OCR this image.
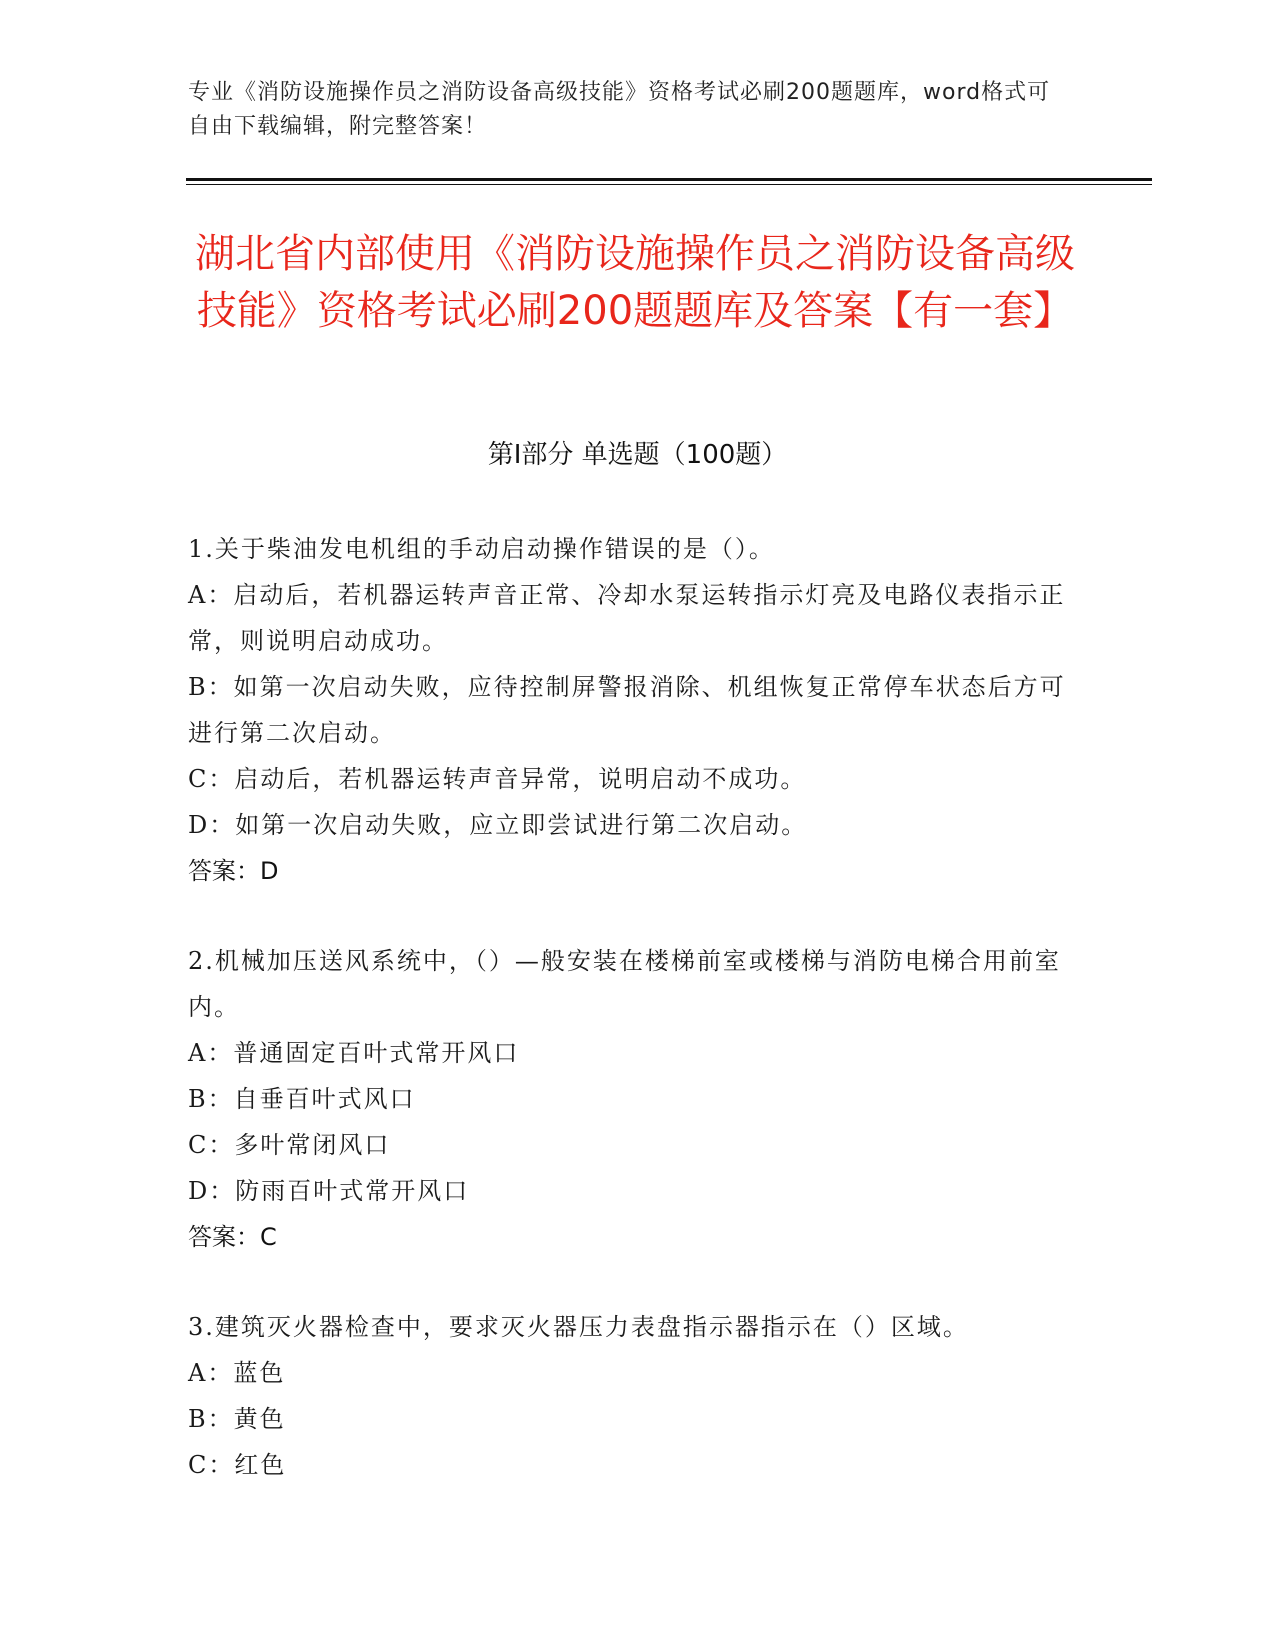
专业《消防设施操作员之消防设备高级技能》资格考试必刷200题题库，word格式可自由下载编辑，附完整答案！
湖北省内部使用《消防设施操作员之消防设备高级技能》资格考试必刷200题题库及答案【有一套】
第I部分 单选题（100题）
1.关于柴油发电机组的手动启动操作错误的是（）。
A：启动后，若机器运转声音正常、冷却水泵运转指示灯亮及电路仪表指示正常，则说明启动成功。
B：如第一次启动失败，应待控制屏警报消除、机组恢复正常停车状态后方可进行第二次启动。
C：启动后，若机器运转声音异常，说明启动不成功。
D：如第一次启动失败，应立即尝试进行第二次启动。
答案：D
2.机械加压送风系统中，（）—般安装在楼梯前室或楼梯与消防电梯合用前室内。
A：普通固定百叶式常开风口
B：自垂百叶式风口
C：多叶常闭风口
D：防雨百叶式常开风口
答案：C
3.建筑灭火器检查中，要求灭火器压力表盘指示器指示在（）区域。
A：蓝色
B：黄色
C：红色
